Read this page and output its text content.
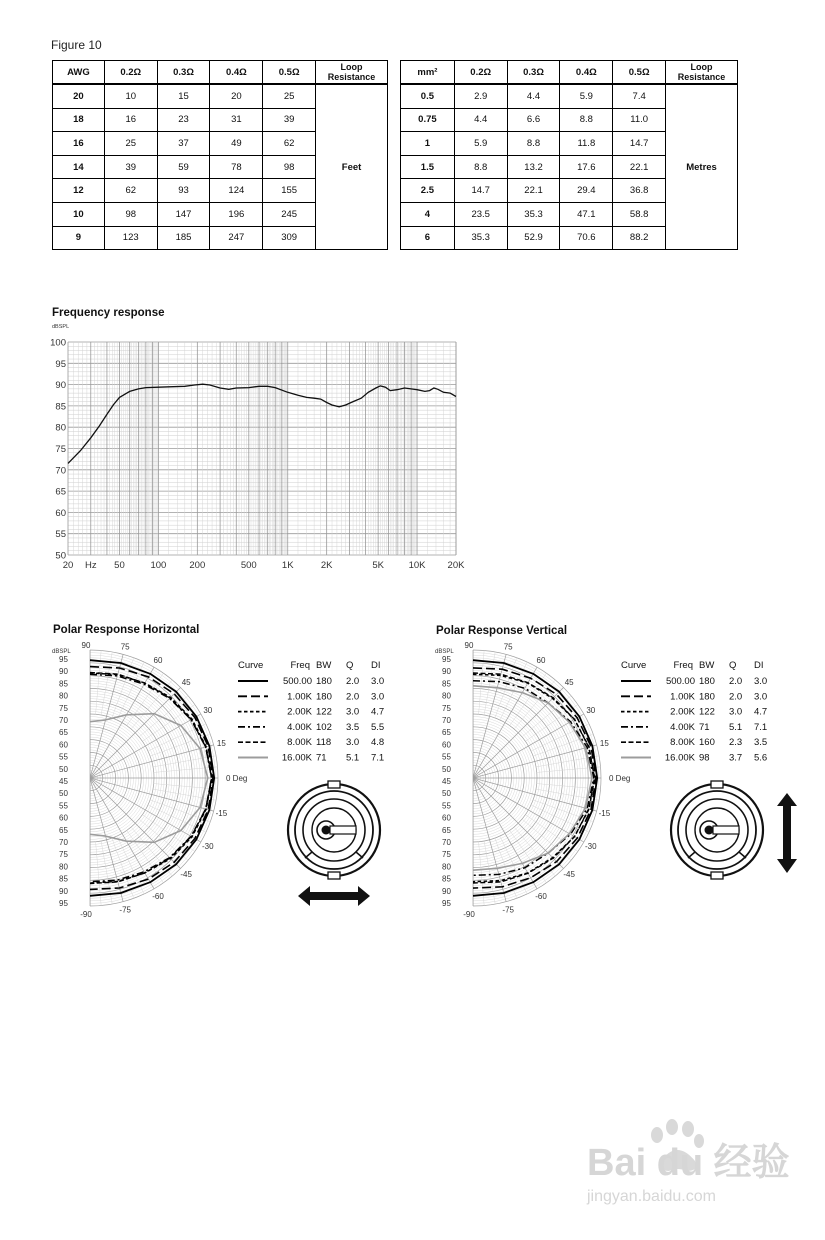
Figure 10
AWG	0.2Ω	0.3Ω	0.4Ω	0.5Ω	Loop
Resistance

20	10	15	20	25	Feet
18	16	23	31	39	
16	25	37	49	62	
14	39	59	78	98	
12	62	93	124	155	
10	98	147	196	245	
9	123	185	247	309	
mm²	0.2Ω	0.3Ω	0.4Ω	0.5Ω	Loop
Resistance

0.5	2.9	4.4	5.9	7.4	Metres
0.75	4.4	6.6	8.8	11.0	
1	5.9	8.8	11.8	14.7	
1.5	8.8	13.2	17.6	22.1	
2.5	14.7	22.1	29.4	36.8	
4	23.5	35.3	47.1	58.8	
6	35.3	52.9	70.6	88.2	
Frequency response
dBSPL
100
95
90
85
80
75
70
65
60
55
50
20 Hz 50	100 200	500	1K	2K	5K	10K 20K
Polar Response Horizontal
dBSPL
95
90
85
80
75
70
65
60
55
50
45
50
55
60
65
70
75
80
85
90
95
90	75
60
45
30
15
0 Deg
-15
-30
-45
-60
-75
-90
Curve	Freq BW Q DI
500.00 180 2.0 3.0
1.00K 180 2.0 3.0
2.00K 122 3.0 4.7
4.00K 102 3.5 5.5
8.00K 118 3.0 4.8
16.00K 71 5.1 7.1
Polar Response Vertical
dBSPL
95
90
85
80
75
70
65
60
55
50
45
50
55
60
65
70
75
80
85
90
95
90	75
60
45
30
15
0 Deg
-15
-30
-45
-60
-75
-90
Curve	Freq BW Q DI
500.00 180 2.0 3.0
1.00K 180 2.0 3.0
2.00K 122 3.0 4.7
4.00K 71 5.1 7.1
8.00K 160 2.3 3.5
16.00K 98 3.7 5.6
Bai du 经验
jingyan.baidu.com
